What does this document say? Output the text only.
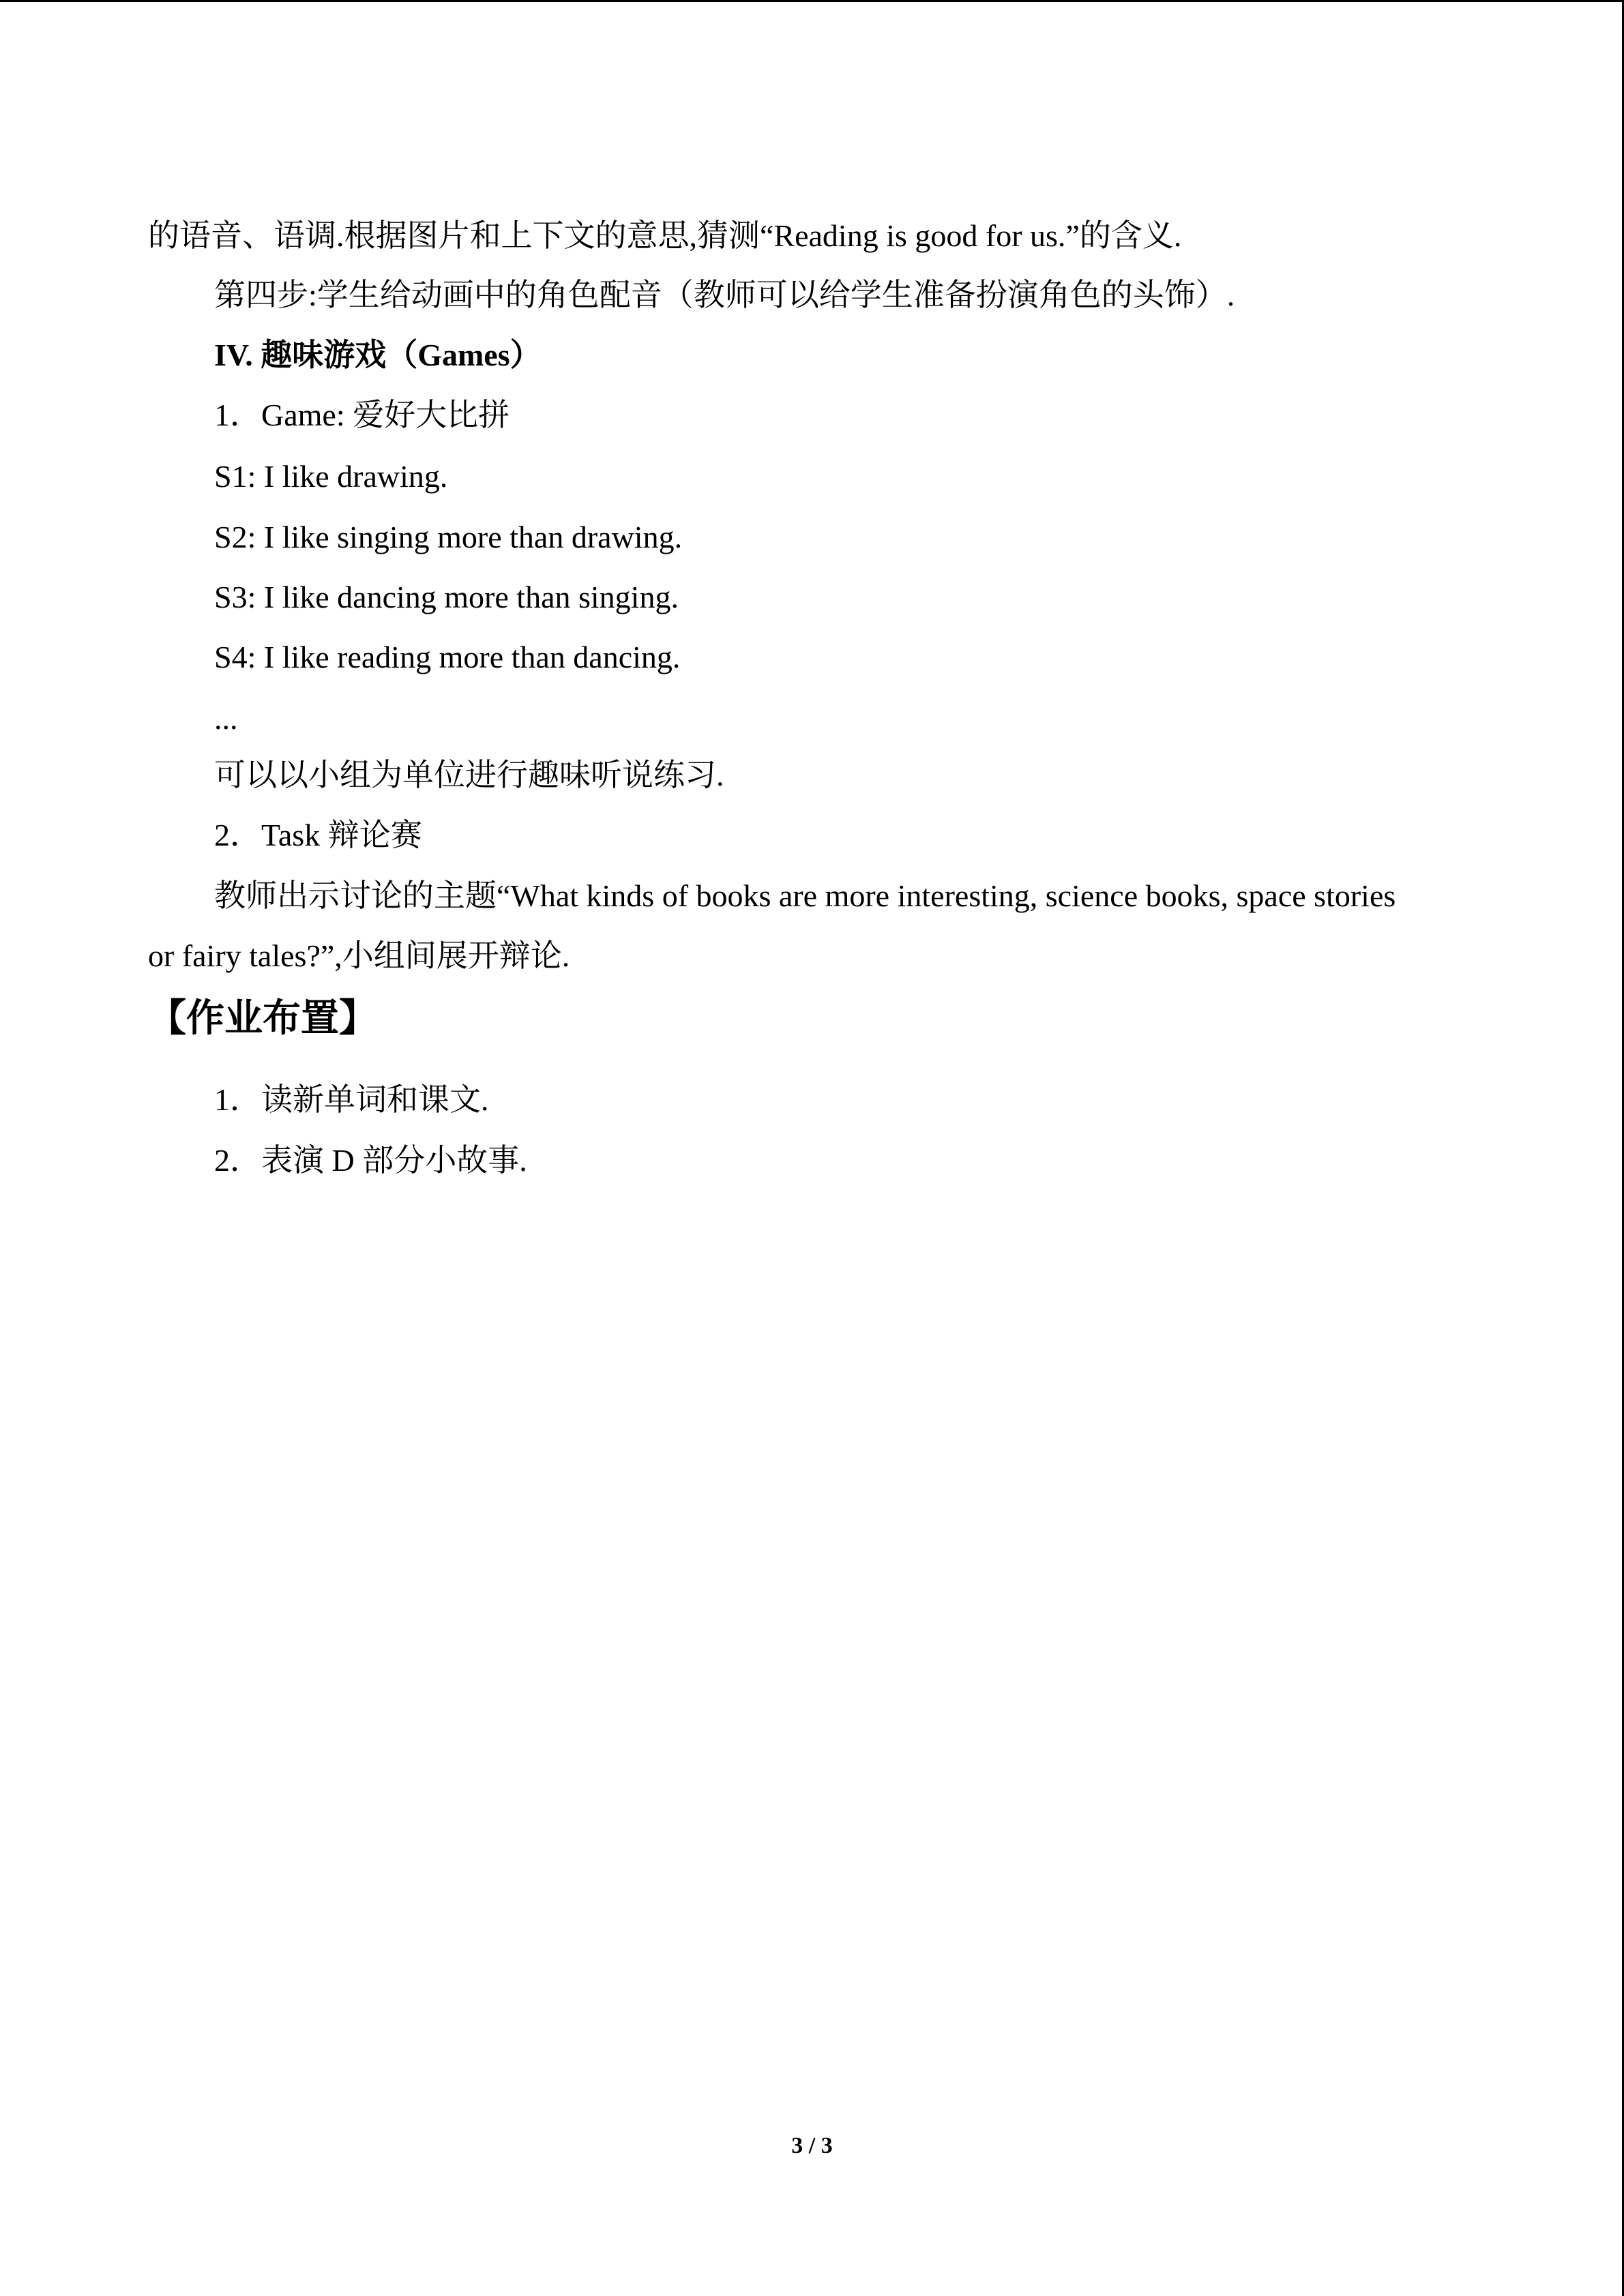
的语音、语调.根据图片和上下文的意思,猜测“Reading is good for us.”的含义.
第四步:学生给动画中的角色配音（教师可以给学生准备扮演角色的头饰）.
IV. 趣味游戏（Games）
1．Game: 爱好大比拼
S1: I like drawing.
S2: I like singing more than drawing.
S3: I like dancing more than singing.
S4: I like reading more than dancing.
...
可以以小组为单位进行趣味听说练习.
2．Task 辩论赛
教师出示讨论的主题“What kinds of books are more interesting, science books, space stories
or fairy tales?”,小组间展开辩论.
【作业布置】
1．读新单词和课文.
2．表演 D 部分小故事.
3 / 3
